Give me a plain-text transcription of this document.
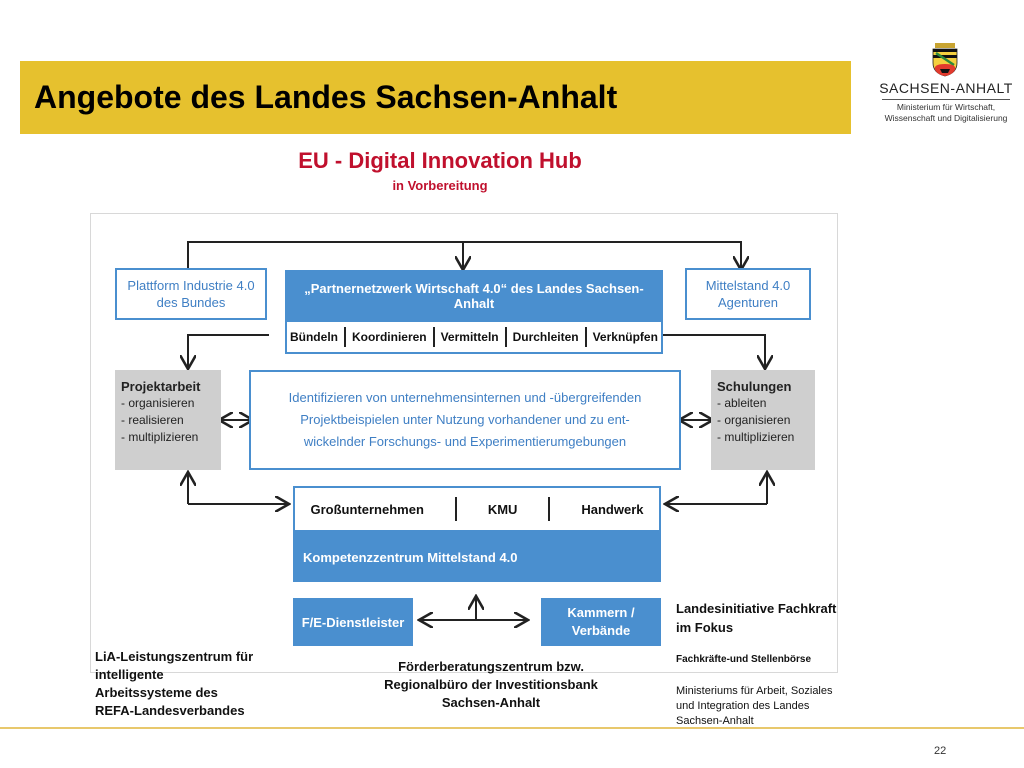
Angebote des Landes Sachsen-Anhalt	SACHSEN-ANHALT
Ministerium für Wirtschaft,
Wissenschaft und Digitalisierung
EU - Digital Innovation Hub
in Vorbereitung
Plattform Industrie 4.0
des Bundes
„Partnernetzwerk Wirtschaft 4.0“ des Landes Sachsen-Anhalt
Bündeln Koordinieren Vermitteln Durchleiten Verknüpfen
Mittelstand 4.0
Agenturen
Projektarbeit
- organisieren
- realisieren
- multiplizieren
Identifizieren von unternehmensinternen und -übergreifenden
Projektbeispielen unter Nutzung vorhandener und zu ent-
wickelnder Forschungs- und Experimentierumgebungen
Schulungen
- ableiten
- organisieren
- multiplizieren
Großunternehmen	KMU	Handwerk
Kompetenzzentrum Mittelstand 4.0
F/E-Dienstleister
Kammern /
Verbände
LiA-Leistungszentrum für
intelligente
Arbeitssysteme des
REFA-Landesverbandes
Förderberatungszentrum bzw.
Regionalbüro der Investitionsbank
Sachsen-Anhalt
Landesinitiative Fachkraft
im Fokus
Fachkräfte-und Stellenbörse
Ministeriums für Arbeit, Soziales
und Integration des Landes
Sachsen-Anhalt
22
